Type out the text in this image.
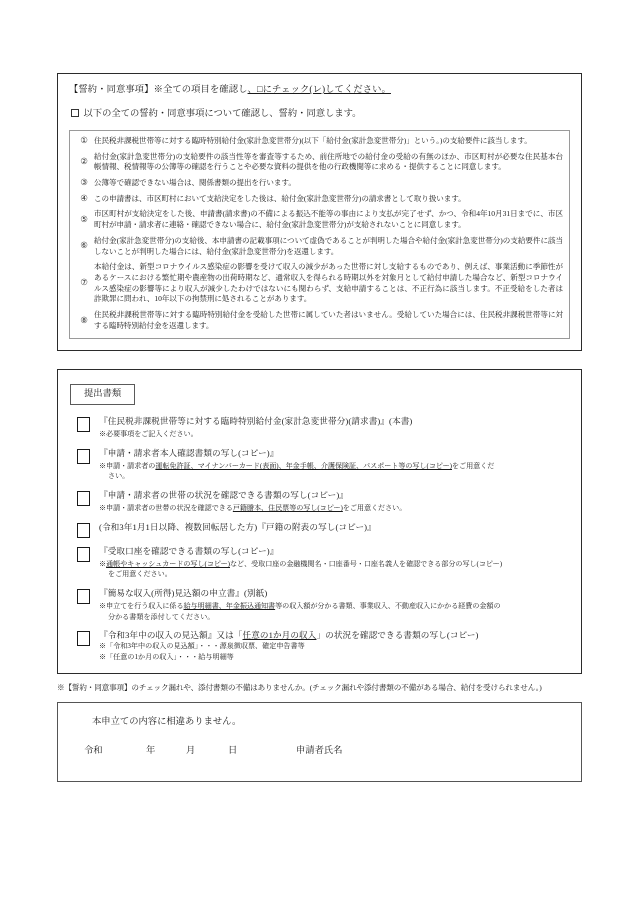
【誓約・同意事項】※全ての項目を確認し、□にチェック(レ)してください。
以下の全ての誓約・同意事項について確認し、誓約・同意します。
① 住民税非課税世帯等に対する臨時特別給付金(家計急変世帯分)(以下「給付金(家計急変世帯分)」という。)の支給要件に該当します。
②
給付金(家計急変世帯分)の支給要件の該当性等を審査等するため、前住所地での給付金の受給の有無のほか、市区町村が必要な住民基本台帳情報、税情報等の公簿等の確認を行うことや必要な資料の提供を他の行政機関等に求める・提供することに同意します。
③ 公簿等で確認できない場合は、関係書類の提出を行います。
④ この申請書は、市区町村において支給決定をした後は、給付金(家計急変世帯分)の請求書として取り扱います。
⑤
市区町村が支給決定をした後、申請書(請求書)の不備による振込不能等の事由により支払が完了せず、かつ、令和4年10月31日までに、市区町村が申請・請求者に連絡・確認できない場合に、給付金(家計急変世帯分)が支給されないことに同意します。
⑥
給付金(家計急変世帯分)の支給後、本申請書の記載事項について虚偽であることが判明した場合や給付金(家計急変世帯分)の支給要件に該当しないことが判明した場合には、給付金(家計急変世帯分)を返還します。
⑦
本給付金は、新型コロナウイルス感染症の影響を受けて収入の減少があった世帯に対し支給するものであり、例えば、事業活動に季節性があるケースにおける繁忙期や農産物の出荷時期など、通常収入を得られる時期以外を対象月として給付申請した場合など、新型コロナウイルス感染症の影響等により収入が減少したわけではないにも関わらず、支給申請することは、不正行為に該当します。不正受給をした者は詐欺罪に問われ、10年以下の拘禁刑に処されることがあります。
⑧
住民税非課税世帯等に対する臨時特別給付金を受給した世帯に属していた者はいません。受給していた場合には、住民税非課税世帯等に対する臨時特別給付金を返還します。
提出書類
『住民税非課税世帯等に対する臨時特別給付金(家計急変世帯分)(請求書)』(本書)
※必要事項をご記入ください。
『申請・請求者本人確認書類の写し(コピー)』
※申請・請求者の運転免許証、マイナンバーカード(表面)、年金手帳、介護保険証、パスポート等の写し(コピー)をご用意くだ
さい。
『申請・請求者の世帯の状況を確認できる書類の写し(コピー)』
※申請・請求者の世帯の状況を確認できる戸籍謄本、住民票等の写し(コピー)をご用意ください。
(令和3年1月1日以降、複数回転居した方)『戸籍の附表の写し(コピー)』
『受取口座を確認できる書類の写し(コピー)』
※通帳やキャッシュカードの写し(コピー)など、受取口座の金融機関名・口座番号・口座名義人を確認できる部分の写し(コピー)
をご用意ください。
『簡易な収入(所得)見込額の申立書』(別紙)
※申立てを行う収入に係る給与明細書、年金振込通知書等の収入額が分かる書類、事業収入、不動産収入にかかる経費の金額の
分かる書類を添付してください。
『令和3年中の収入の見込額』又は「任意の1か月の収入」の状況を確認できる書類の写し(コピー)
※「令和3年中の収入の見込額」・・・源泉徴収票、確定申告書等
※「任意の1か月の収入」・・・給与明細等
※【誓約・同意事項】のチェック漏れや、添付書類の不備はありませんか。(チェック漏れや添付書類の不備がある場合、給付を受けられません。)
本申立ての内容に相違ありません。
令和	年	月	日	申請者氏名
